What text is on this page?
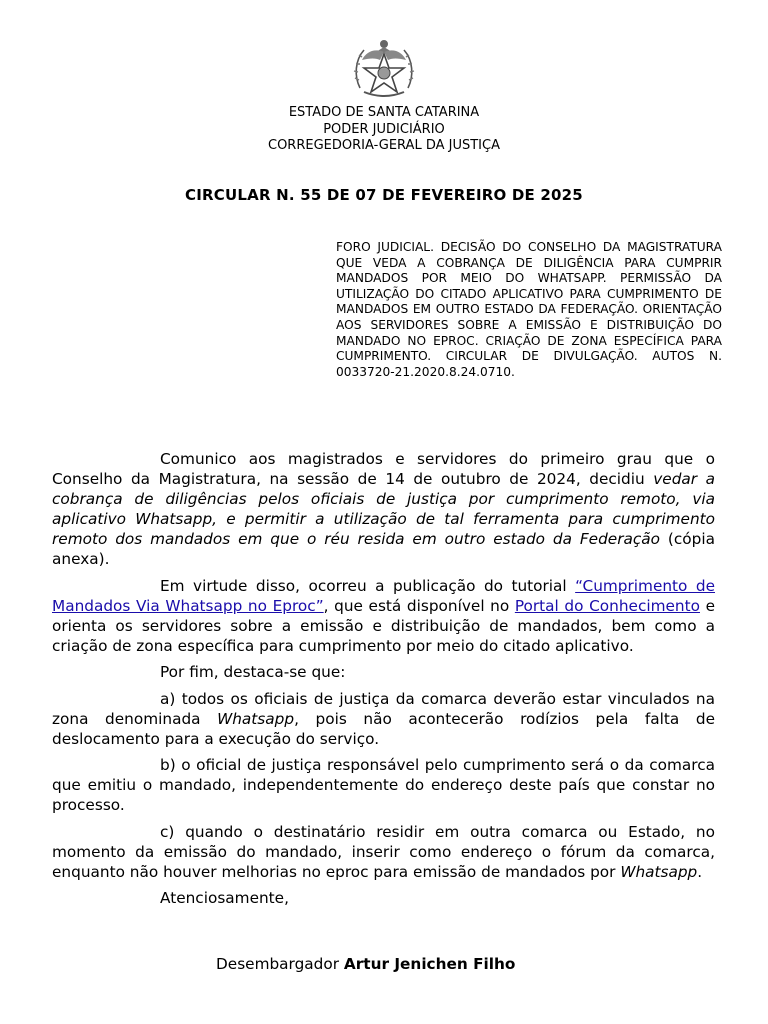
ESTADO DE SANTA CATARINA
PODER JUDICIÁRIO
CORREGEDORIA-GERAL DA JUSTIÇA
CIRCULAR N. 55 DE 07 DE FEVEREIRO DE 2025
FORO JUDICIAL. DECISÃO DO CONSELHO DA MAGISTRATURA QUE VEDA A COBRANÇA DE DILIGÊNCIA PARA CUMPRIR MANDADOS POR MEIO DO WHATSAPP. PERMISSÃO DA UTILIZAÇÃO DO CITADO APLICATIVO PARA CUMPRIMENTO DE MANDADOS EM OUTRO ESTADO DA FEDERAÇÃO. ORIENTAÇÃO AOS SERVIDORES SOBRE A EMISSÃO E DISTRIBUIÇÃO DO MANDADO NO EPROC. CRIAÇÃO DE ZONA ESPECÍFICA PARA CUMPRIMENTO. CIRCULAR DE DIVULGAÇÃO. AUTOS N. 0033720-21.2020.8.24.0710.

Comunico aos magistrados e servidores do primeiro grau que o Conselho da Magistratura, na sessão de 14 de outubro de 2024, decidiu vedar a cobrança de diligências pelos oficiais de justiça por cumprimento remoto, via aplicativo Whatsapp, e permitir a utilização de tal ferramenta para cumprimento remoto dos mandados em que o réu resida em outro estado da Federação (cópia anexa).

Em virtude disso, ocorreu a publicação do tutorial “Cumprimento de Mandados Via Whatsapp no Eproc”, que está disponível no Portal do Conhecimento e orienta os servidores sobre a emissão e distribuição de mandados, bem como a criação de zona específica para cumprimento por meio do citado aplicativo.

Por fim, destaca-se que:

a) todos os oficiais de justiça da comarca deverão estar vinculados na zona denominada Whatsapp, pois não acontecerão rodízios pela falta de deslocamento para a execução do serviço.

b) o oficial de justiça responsável pelo cumprimento será o da comarca que emitiu o mandado, independentemente do endereço deste país que constar no processo.

c) quando o destinatário residir em outra comarca ou Estado, no momento da emissão do mandado, inserir como endereço o fórum da comarca, enquanto não houver melhorias no eproc para emissão de mandados por Whatsapp.

Atenciosamente,

Desembargador Artur Jenichen Filho
